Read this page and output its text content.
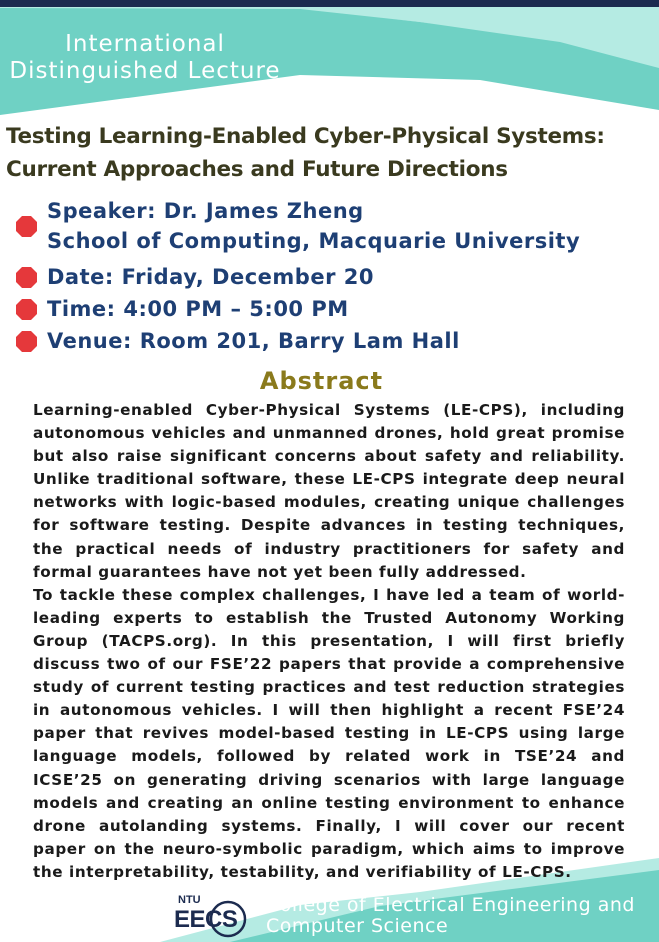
International
Distinguished Lecture
Testing Learning-Enabled Cyber-Physical Systems:
Current Approaches and Future Directions
Speaker: Dr. James Zheng
School of Computing, Macquarie University
Date: Friday, December 20
Time: 4:00 PM – 5:00 PM
Venue: Room 201, Barry Lam Hall
Abstract

Learning-enabled Cyber-Physical Systems (LE-CPS), including autonomous vehicles and unmanned drones, hold great promise but also raise significant concerns about safety and reliability. Unlike traditional software, these LE-CPS integrate deep neural networks with logic-based modules, creating unique challenges for software testing. Despite advances in testing techniques, the practical needs of industry practitioners for safety and formal guarantees have not yet been fully addressed.

To tackle these complex challenges, I have led a team of world-leading experts to establish the Trusted Autonomy Working Group (TACPS.org). In this presentation, I will first briefly discuss two of our FSE’22 papers that provide a comprehensive study of current testing practices and test reduction strategies in autonomous vehicles. I will then highlight a recent FSE’24 paper that revives model-based testing in LE-CPS using large language models, followed by related work in TSE’24 and ICSE’25 on generating driving scenarios with large language models and creating an online testing environment to enhance drone autolanding systems. Finally, I will cover our recent paper on the neuro-symbolic paradigm, which aims to improve the interpretability, testability, and verifiability of LE-CPS.

NTU
EECS
College of Electrical Engineering and
Computer Science
